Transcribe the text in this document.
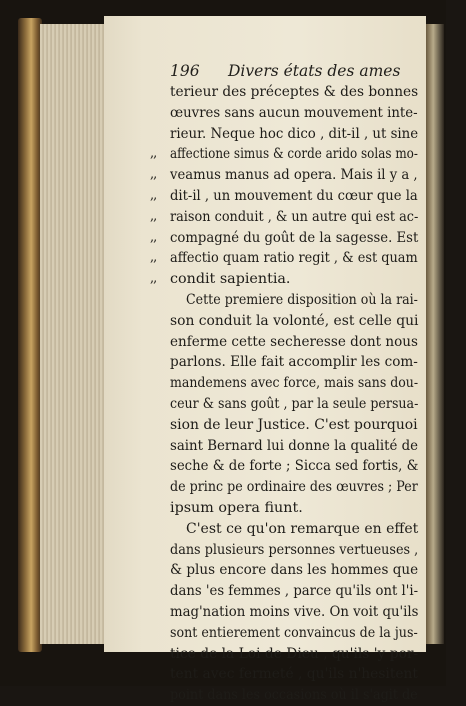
196 Divers états des ames
terieur des préceptes & des bonnes
œuvres sans aucun mouvement inte-
rieur. Neque hoc dico , dit-il , ut sine
,, affectione simus & corde arido solas mo-
,, veamus manus ad opera. Mais il y a ,
,, dit-il , un mouvement du cœur que la
,, raison conduit , & un autre qui est ac-
,, compagné du goût de la sagesse. Est
,, affectio quam ratio regit , & est quam
,, condit sapientia.
Cette premiere disposition où la rai-
son conduit la volonté, est celle qui
enferme cette secheresse dont nous
parlons. Elle fait accomplir les com-
mandemens avec force, mais sans dou-
ceur & sans goût , par la seule persua-
sion de leur Justice. C'est pourquoi
saint Bernard lui donne la qualité de
seche & de forte ; Sicca sed fortis, &
de princ pe ordinaire des œuvres ; Per
ipsum opera fiunt.
C'est ce qu'on remarque en effet
dans plusieurs personnes vertueuses ,
& plus encore dans les hommes que
dans 'es femmes , parce qu'ils ont l'i-
mag'nation moins vive. On voit qu'ils
sont entierement convaincus de la jus-
tice de la Loi de Dieu , qu'ils 'y por-
tent avec fermeté , qu'ils n'hesitent
point dans les occasions où il s'agit de
